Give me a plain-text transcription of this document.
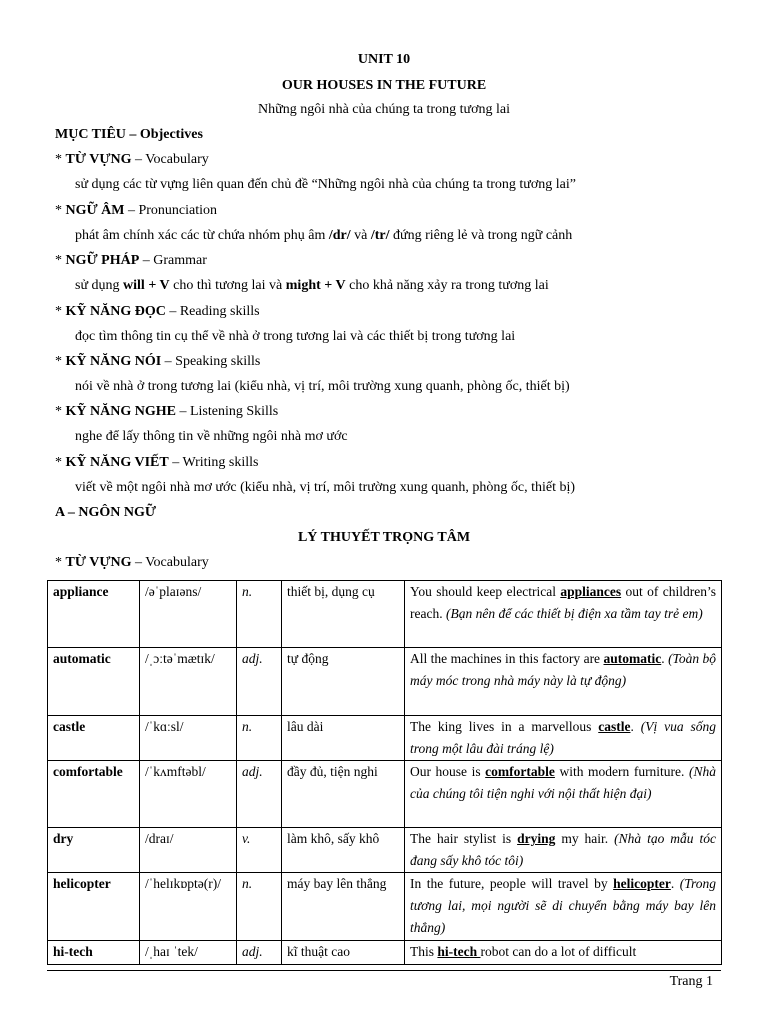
UNIT 10
OUR HOUSES IN THE FUTURE
Những ngôi nhà của chúng ta trong tương lai
MỤC TIÊU – Objectives
* TỪ VỰNG – Vocabulary
sử dụng các từ vựng liên quan đến chủ đề “Những ngôi nhà của chúng ta trong tương lai”
* NGỮ ÂM – Pronunciation
phát âm chính xác các từ chứa nhóm phụ âm /dr/ và /tr/ đứng riêng lẻ và trong ngữ cảnh
* NGỮ PHÁP – Grammar
sử dụng will + V cho thì tương lai và might + V cho khả năng xảy ra trong tương lai
* KỸ NĂNG ĐỌC – Reading skills
đọc tìm thông tin cụ thể về nhà ở trong tương lai và các thiết bị trong tương lai
* KỸ NĂNG NÓI – Speaking skills
nói về nhà ở trong tương lai (kiểu nhà, vị trí, môi trường xung quanh, phòng ốc, thiết bị)
* KỸ NĂNG NGHE – Listening Skills
nghe để lấy thông tin về những ngôi nhà mơ ước
* KỸ NĂNG VIẾT – Writing skills
viết về một ngôi nhà mơ ước (kiểu nhà, vị trí, môi trường xung quanh, phòng ốc, thiết bị)
A – NGÔN NGỮ
LÝ THUYẾT TRỌNG TÂM
* TỪ VỰNG – Vocabulary
appliance	/əˈplaɪəns/	n.	thiết bị, dụng cụ	You should keep electrical appliances out of children’s reach. (Bạn nên để các thiết bị điện xa tầm tay trẻ em)
automatic	/ˌɔːtəˈmætɪk/	adj.	tự động	All the machines in this factory are automatic. (Toàn bộ máy móc trong nhà máy này là tự động)
castle	/ˈkɑːsl/	n.	lâu dài	The king lives in a marvellous castle. (Vị vua sống trong một lâu đài tráng lệ)
comfortable	/ˈkʌmftəbl/	adj.	đầy đủ, tiện nghi	Our house is comfortable with modern furniture. (Nhà của chúng tôi tiện nghi với nội thất hiện đại)
dry	/draɪ/	v.	làm khô, sấy khô	The hair stylist is drying my hair. (Nhà tạo mẫu tóc đang sấy khô tóc tôi)
helicopter	/ˈhelɪkɒptə(r)/	n.	máy bay lên thẳng	In the future, people will travel by helicopter. (Trong tương lai, mọi người sẽ di chuyển bằng máy bay lên thẳng)
hi-tech	/ˌhaɪ ˈtek/	adj.	kĩ thuật cao	This hi-tech robot can do a lot of difficult
Trang 1
